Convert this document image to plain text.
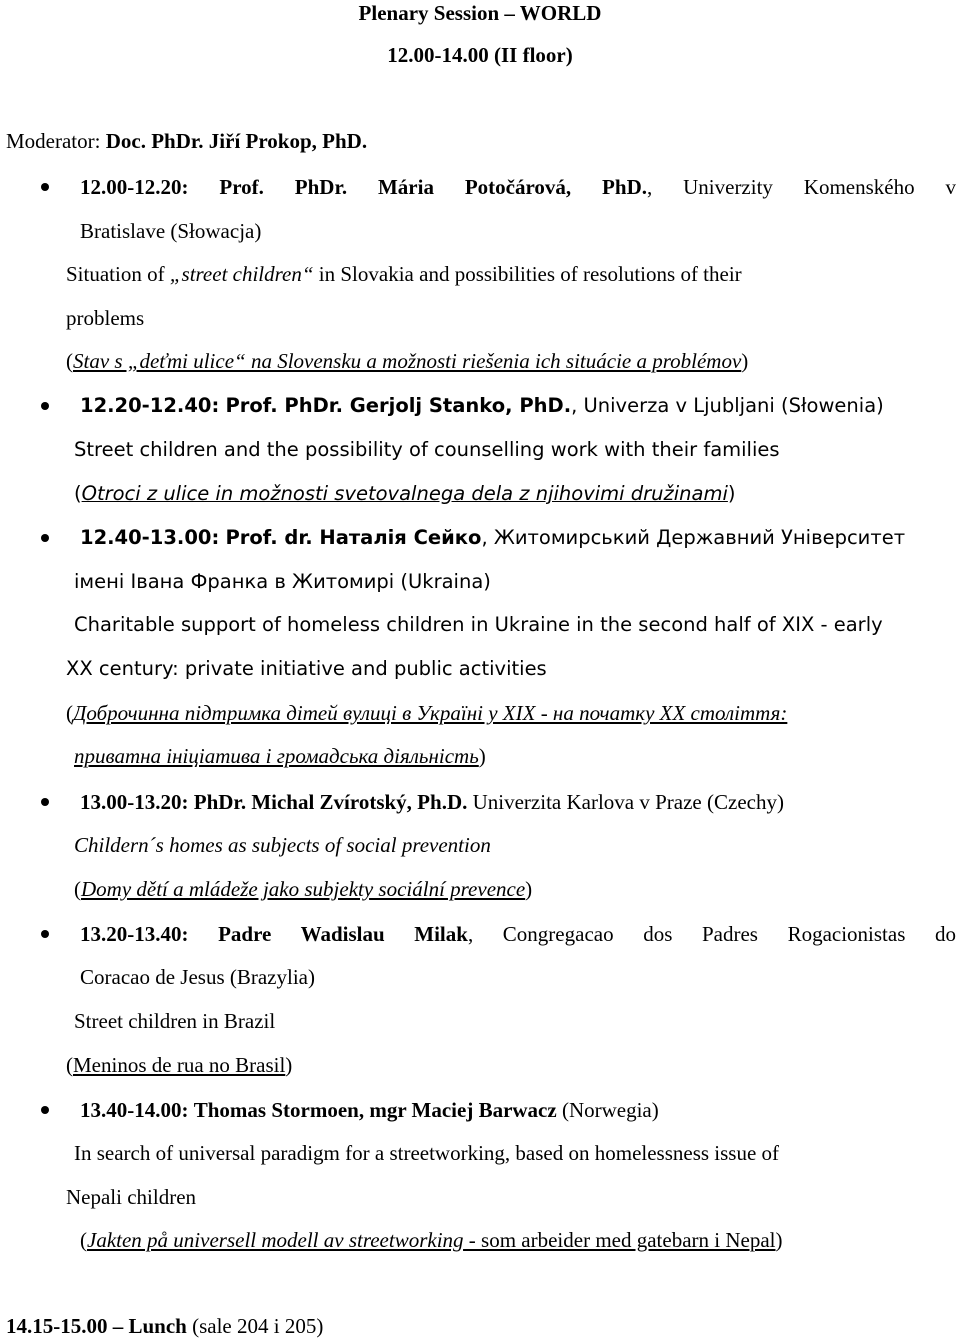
Plenary Session – WORLD
12.00-14.00 (II floor)
Moderator: Doc. PhDr. Jiří Prokop, PhD.
12.00-12.20: Prof. PhDr. Mária Potočárová, PhD., Univerzity Komenského v
Bratislave (Słowacja)
Situation of „street children“ in Slovakia and possibilities of resolutions of their
problems
(Stav s „deťmi ulice“ na Slovensku a možnosti riešenia ich situácie a problémov)
12.20-12.40: Prof. PhDr. Gerjolj Stanko, PhD., Univerza v Ljubljani (Słowenia)
Street children and the possibility of counselling work with their families
(Otroci z ulice in možnosti svetovalnega dela z njihovimi družinami)
12.40-13.00: Prof. dr. Наталія Сейко, Житомирський Державний Університет
імені Івана Франка в Житомирі (Ukraina)
Charitable support of homeless children in Ukraine in the second half of XIX - early
XX century: private initiative and public activities
(Доброчинна підтримка дітей вулиці в Україні у XIX - на початку XX століття:
приватна ініціатива і громадська діяльність)
13.00-13.20: PhDr. Michal Zvírotský, Ph.D. Univerzita Karlova v Praze (Czechy)
Childern´s homes as subjects of social prevention
(Domy dětí a mládeže jako subjekty sociální prevence)
13.20-13.40: Padre Wadislau Milak, Congregacao dos Padres Rogacionistas do
Coracao de Jesus (Brazylia)
Street children in Brazil
(Meninos de rua no Brasil)
13.40-14.00: Thomas Stormoen, mgr Maciej Barwacz (Norwegia)
In search of universal paradigm for a streetworking, based on homelessness issue of
Nepali children
(Jakten på universell modell av streetworking - som arbeider med gatebarn i Nepal)
14.15-15.00 – Lunch (sale 204 i 205)
